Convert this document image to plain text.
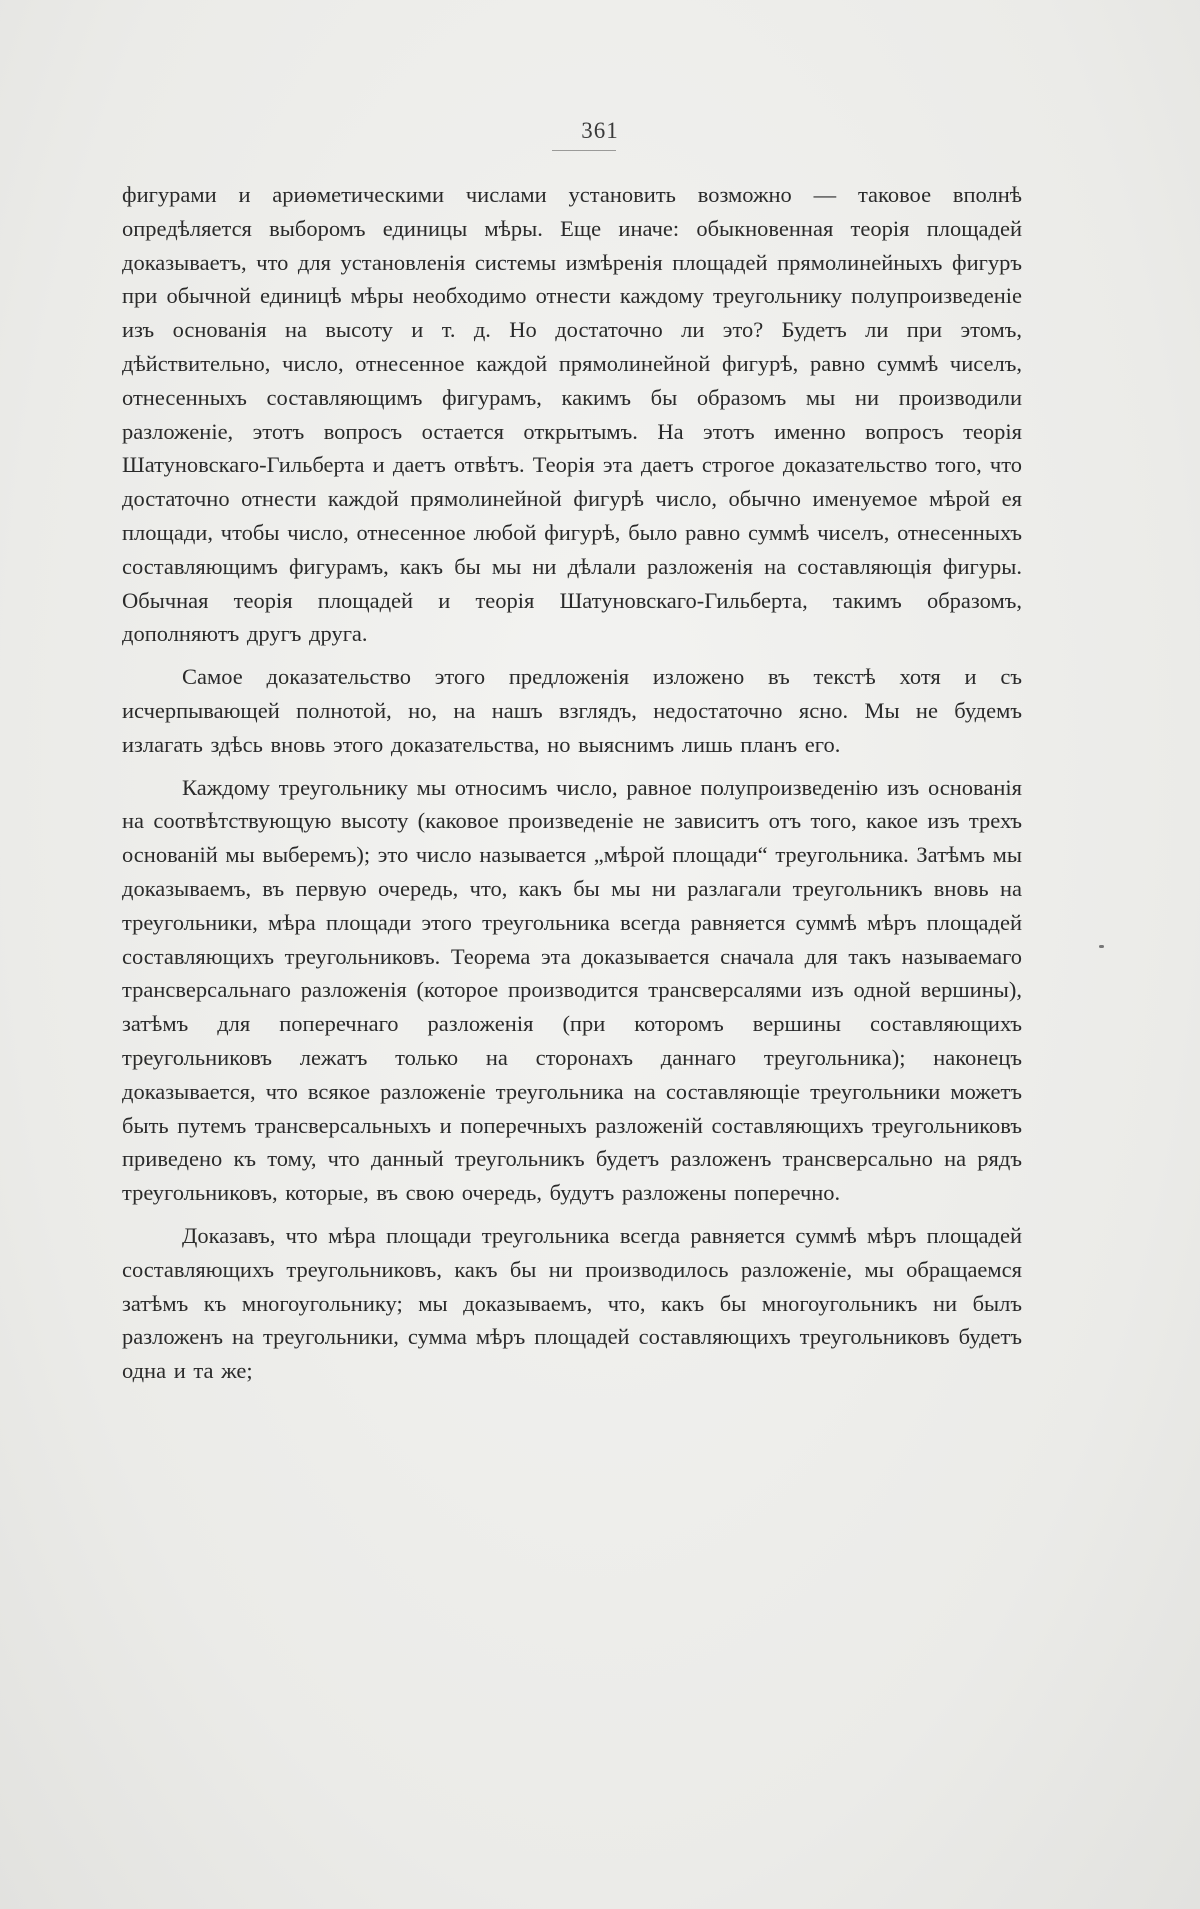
361

фигурами и ариөметическими числами установить возможно — таковое вполнѣ опредѣляется выборомъ единицы мѣры. Еще иначе: обыкновенная теорія площадей доказываетъ, что для установленія системы измѣренія площадей прямолинейныхъ фигуръ при обычной единицѣ мѣры необходимо отнести каждому треугольнику полупроизведеніе изъ основанія на высоту и т. д. Но достаточно ли это? Будетъ ли при этомъ, дѣйствительно, число, отнесенное каждой прямолинейной фигурѣ, равно суммѣ чиселъ, отнесенныхъ составляющимъ фигурамъ, какимъ бы образомъ мы ни производили разложеніе, этотъ вопросъ остается открытымъ. На этотъ именно вопросъ теорія Шатуновскаго-Гильберта и даетъ отвѣтъ. Теорія эта даетъ строгое доказательство того, что достаточно отнести каждой прямолинейной фигурѣ число, обычно именуемое мѣрой ея площади, чтобы число, отнесенное любой фигурѣ, было равно суммѣ чиселъ, отнесенныхъ составляющимъ фигурамъ, какъ бы мы ни дѣлали разложенія на составляющія фигуры. Обычная теорія площадей и теорія Шатуновскаго-Гильберта, такимъ образомъ, дополняютъ другъ друга.

Самое доказательство этого предложенія изложено въ текстѣ хотя и съ исчерпывающей полнотой, но, на нашъ взглядъ, недостаточно ясно. Мы не будемъ излагать здѣсь вновь этого доказательства, но выяснимъ лишь планъ его.

Каждому треугольнику мы относимъ число, равное полупроизведенію изъ основанія на соотвѣтствующую высоту (каковое произведеніе не зависитъ отъ того, какое изъ трехъ основаній мы выберемъ); это число называется „мѣрой площади“ треугольника. Затѣмъ мы доказываемъ, въ первую очередь, что, какъ бы мы ни разлагали треугольникъ вновь на треугольники, мѣра площади этого треугольника всегда равняется суммѣ мѣръ площадей составляющихъ треугольниковъ. Теорема эта доказывается сначала для такъ называемаго трансверсальнаго разложенія (которое производится трансверсалями изъ одной вершины), затѣмъ для поперечнаго разложенія (при которомъ вершины составляющихъ треугольниковъ лежатъ только на сторонахъ даннаго треугольника); наконецъ доказывается, что всякое разложеніе треугольника на составляющіе треугольники можетъ быть путемъ трансверсальныхъ и поперечныхъ разложеній составляющихъ треугольниковъ приведено къ тому, что данный треугольникъ будетъ разложенъ трансверсально на рядъ треугольниковъ, которые, въ свою очередь, будутъ разложены поперечно.

Доказавъ, что мѣра площади треугольника всегда равняется суммѣ мѣръ площадей составляющихъ треугольниковъ, какъ бы ни производилось разложеніе, мы обращаемся затѣмъ къ многоугольнику; мы доказываемъ, что, какъ бы многоугольникъ ни былъ разложенъ на треугольники, сумма мѣръ площадей составляющихъ треугольниковъ будетъ одна и та же;
